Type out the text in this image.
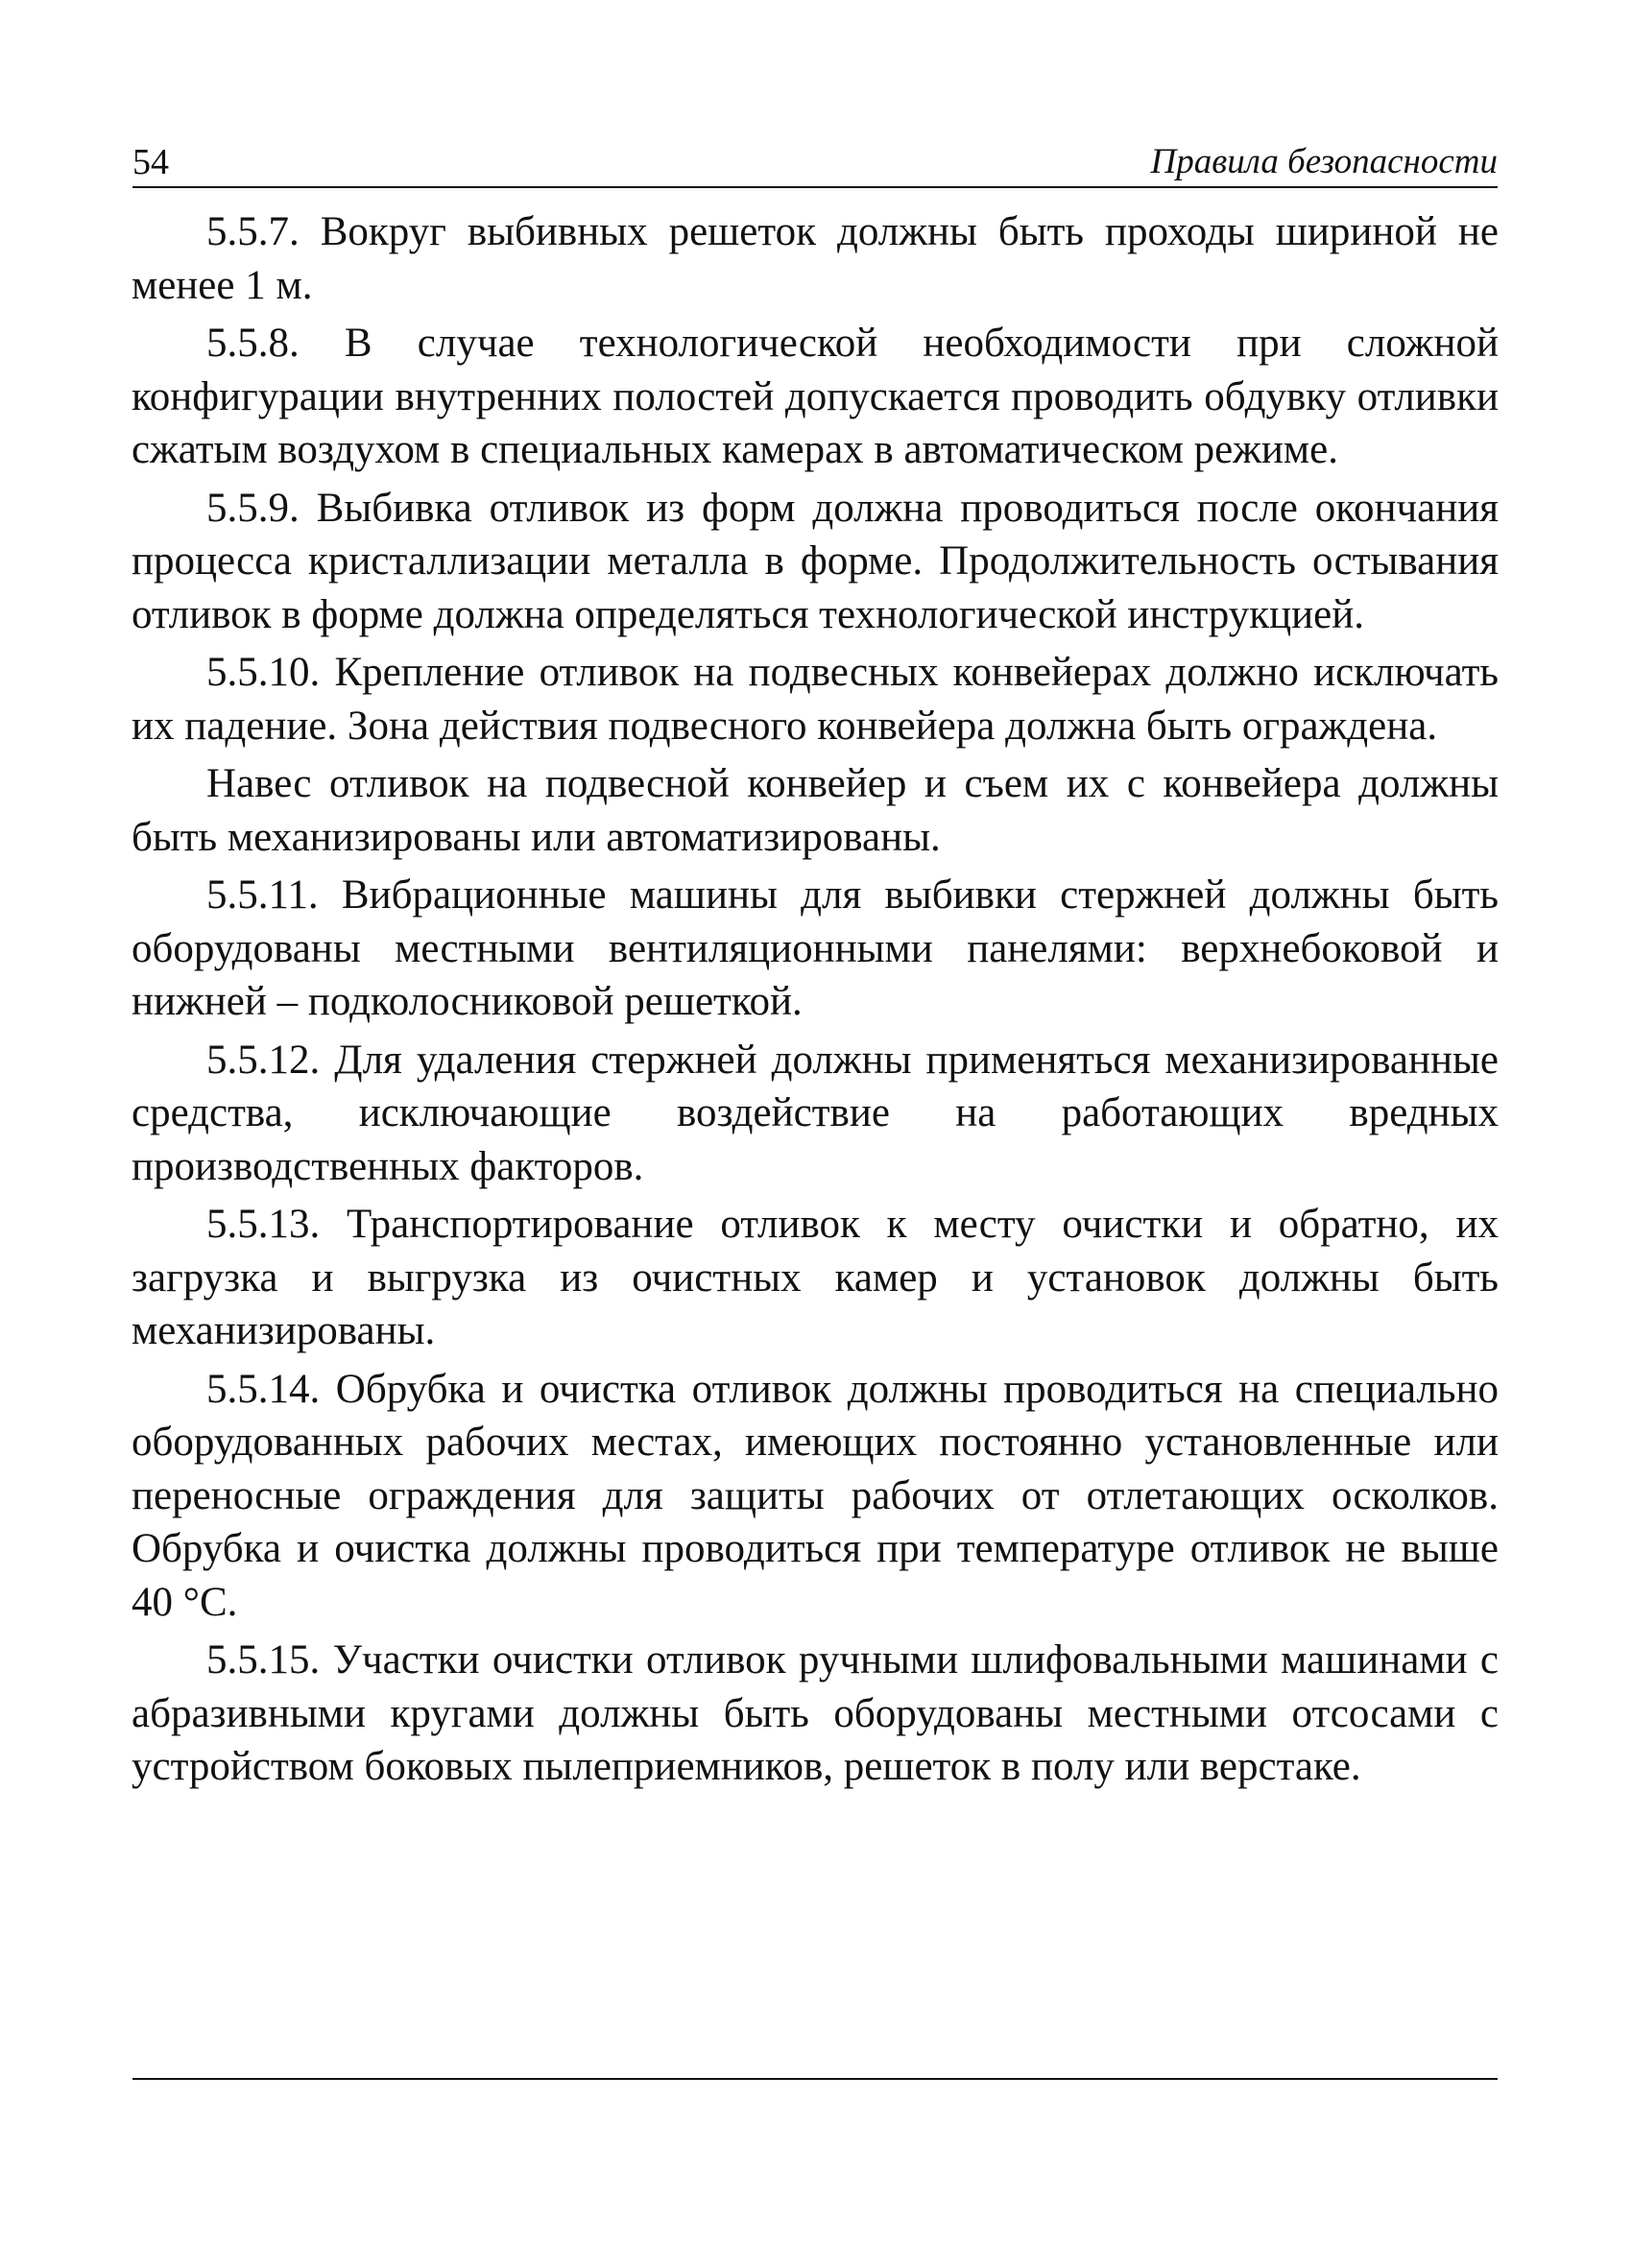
54	Правила безопасности

5.5.7. Вокруг выбивных решеток должны быть проходы шириной не менее 1 м.

5.5.8. В случае технологической необходимости при сложной конфигурации внутренних полостей допускается проводить обдувку отливки сжатым воздухом в специальных камерах в автоматическом режиме.

5.5.9. Выбивка отливок из форм должна проводиться после окончания процесса кристаллизации металла в форме. Продолжительность остывания отливок в форме должна определяться технологической инструкцией.

5.5.10. Крепление отливок на подвесных конвейерах должно исключать их падение. Зона действия подвесного конвейера должна быть ограждена.

Навес отливок на подвесной конвейер и съем их с конвейера должны быть механизированы или автоматизированы.

5.5.11. Вибрационные машины для выбивки стержней должны быть оборудованы местными вентиляционными панелями: верхнебоковой и нижней – подколосниковой решеткой.

5.5.12. Для удаления стержней должны применяться механизированные средства, исключающие воздействие на работающих вредных производственных факторов.

5.5.13. Транспортирование отливок к месту очистки и обратно, их загрузка и выгрузка из очистных камер и установок должны быть механизированы.

5.5.14. Обрубка и очистка отливок должны проводиться на специально оборудованных рабочих местах, имеющих постоянно установленные или переносные ограждения для защиты рабочих от отлетающих осколков. Обрубка и очистка должны проводиться при температуре отливок не выше 40 °С.

5.5.15. Участки очистки отливок ручными шлифовальными машинами с абразивными кругами должны быть оборудованы местными отсосами с устройством боковых пылеприемников, решеток в полу или верстаке.
